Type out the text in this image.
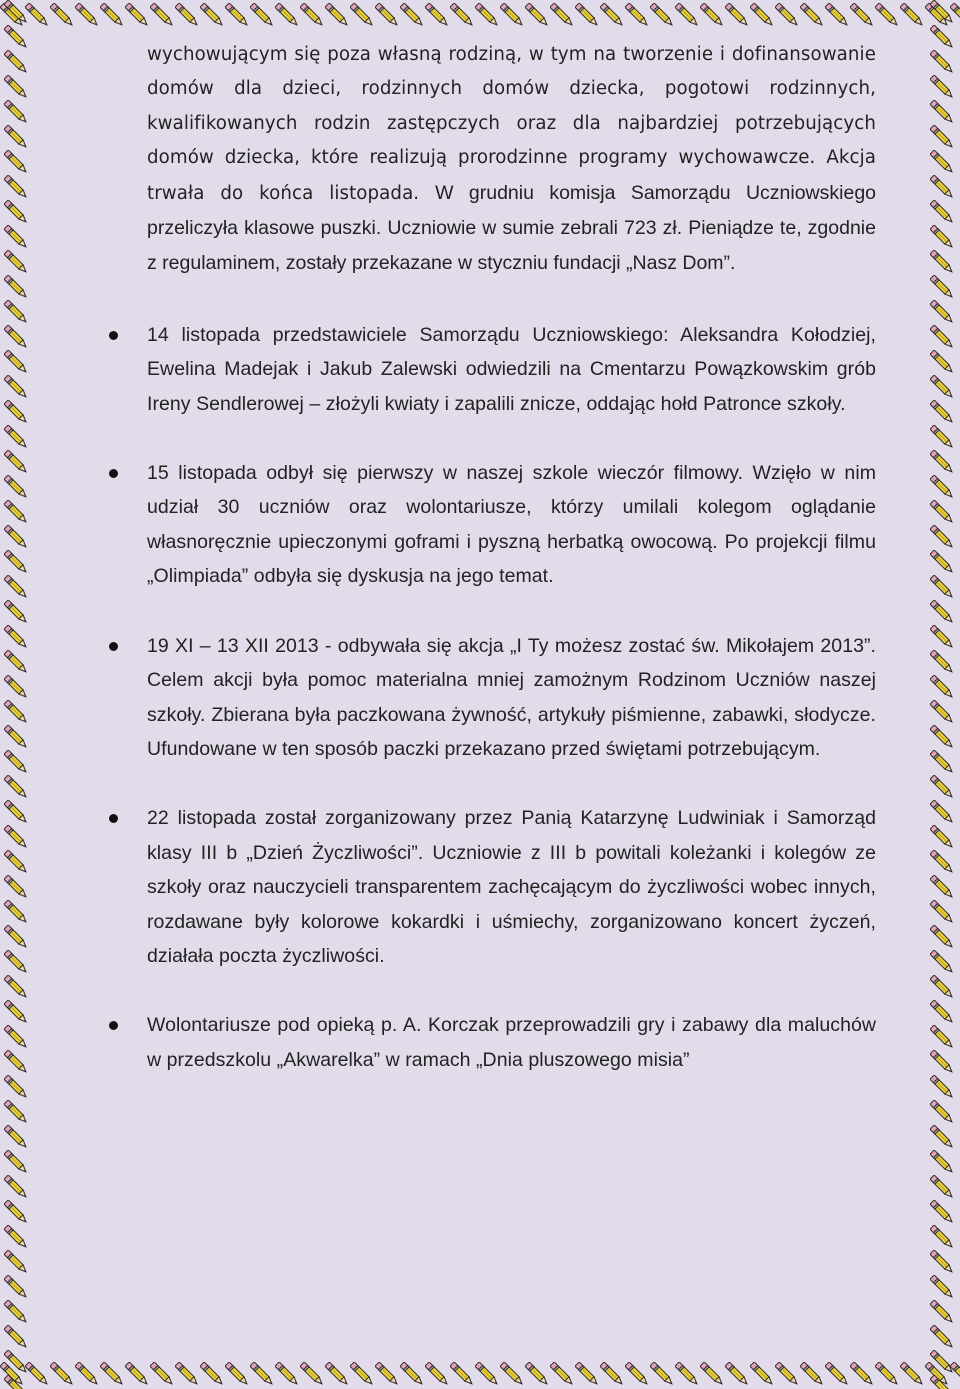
wychowującym się poza własną rodziną, w tym na tworzenie i dofinansowanie domów dla dzieci, rodzinnych domów dziecka, pogotowi rodzinnych, kwalifikowanych rodzin zastępczych oraz dla najbardziej potrzebujących domów dziecka, które realizują prorodzinne programy wychowawcze. Akcja trwała do końca listopada. W grudniu komisja Samorządu Uczniowskiego przeliczyła klasowe puszki. Uczniowie w sumie zebrali 723 zł. Pieniądze te, zgodnie z regulaminem, zostały przekazane w styczniu fundacji „Nasz Dom”.

14 listopada przedstawiciele Samorządu Uczniowskiego: Aleksandra Kołodziej, Ewelina Madejak i Jakub Zalewski odwiedzili na Cmentarzu Powązkowskim grób Ireny Sendlerowej – złożyli kwiaty i zapalili znicze, oddając hołd Patronce szkoły.

15 listopada odbył się pierwszy w naszej szkole wieczór filmowy. Wzięło w nim udział 30 uczniów oraz wolontariusze, którzy umilali kolegom oglądanie własnoręcznie upieczonymi goframi i pyszną herbatką owocową. Po projekcji filmu „Olimpiada” odbyła się dyskusja na jego temat.

19 XI – 13 XII 2013 - odbywała się akcja „I Ty możesz zostać św. Mikołajem 2013”. Celem akcji była pomoc materialna mniej zamożnym Rodzinom Uczniów naszej szkoły. Zbierana była paczkowana żywność, artykuły piśmienne, zabawki, słodycze. Ufundowane w ten sposób paczki przekazano przed świętami potrzebującym.

22 listopada został zorganizowany przez Panią Katarzynę Ludwiniak i Samorząd klasy III b „Dzień Życzliwości”. Uczniowie z III b powitali koleżanki i kolegów ze szkoły oraz nauczycieli transparentem zachęcającym do życzliwości wobec innych, rozdawane były kolorowe kokardki i uśmiechy, zorganizowano koncert życzeń, działała poczta życzliwości.

Wolontariusze pod opieką p. A. Korczak przeprowadzili gry i zabawy dla maluchów w przedszkolu „Akwarelka” w ramach „Dnia pluszowego misia”
